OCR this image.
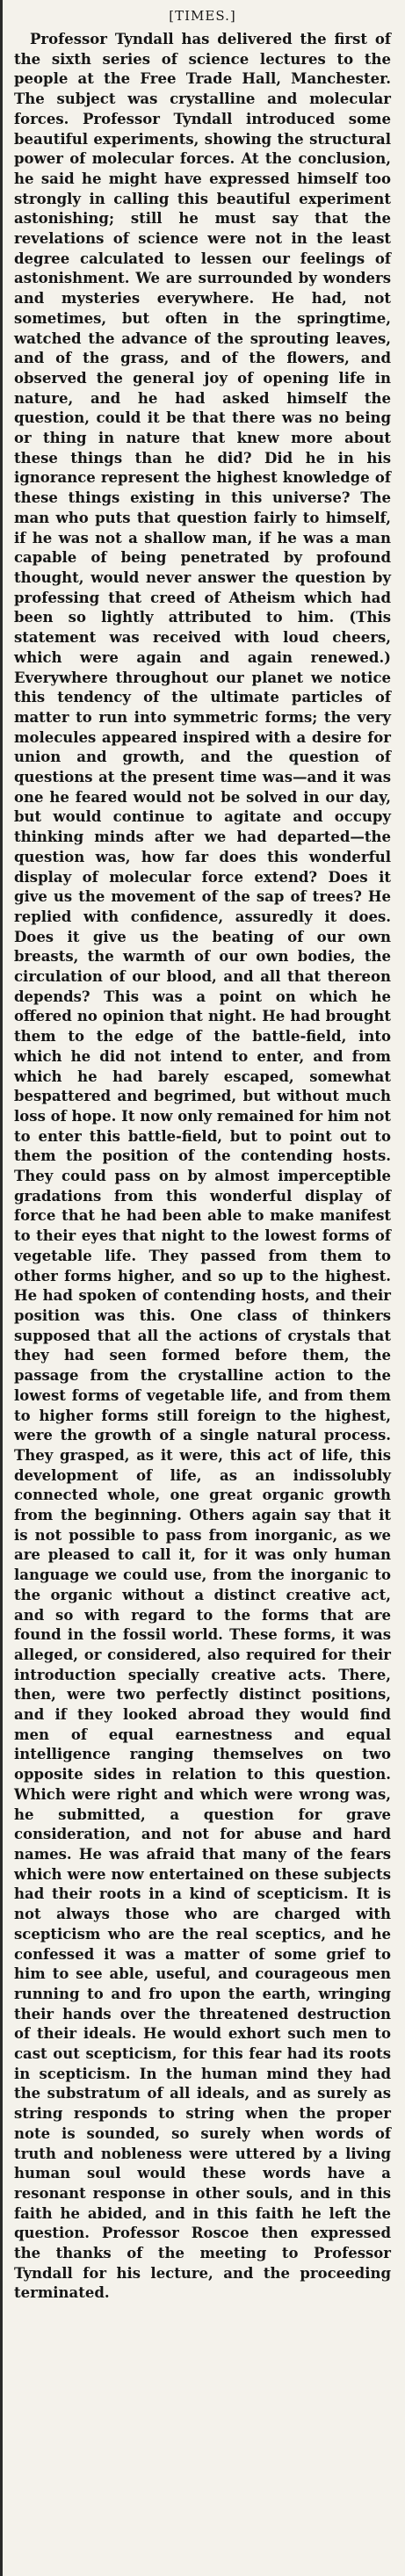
[TIMES.]

Professor Tyndall has delivered the first of the sixth series of science lectures to the people at the Free Trade Hall, Manchester. The subject was crystalline and molecular forces. Professor Tyndall introduced some beautiful experiments, showing the structural power of molecular forces. At the conclusion, he said he might have expressed himself too strongly in calling this beautiful experiment astonishing; still he must say that the revelations of science were not in the least degree calculated to lessen our feelings of astonishment. We are surrounded by wonders and mysteries everywhere. He had, not sometimes, but often in the springtime, watched the advance of the sprouting leaves, and of the grass, and of the flowers, and observed the general joy of opening life in nature, and he had asked himself the question, could it be that there was no being or thing in nature that knew more about these things than he did? Did he in his ignorance represent the highest knowledge of these things existing in this universe? The man who puts that question fairly to himself, if he was not a shallow man, if he was a man capable of being penetrated by profound thought, would never answer the question by professing that creed of Atheism which had been so lightly attributed to him. (This statement was received with loud cheers, which were again and again renewed.) Everywhere throughout our planet we notice this tendency of the ultimate particles of matter to run into symmetric forms; the very molecules appeared inspired with a desire for union and growth, and the question of questions at the present time was—and it was one he feared would not be solved in our day, but would continue to agitate and occupy thinking minds after we had departed—the question was, how far does this wonderful display of molecular force extend? Does it give us the movement of the sap of trees? He replied with confidence, assuredly it does. Does it give us the beating of our own breasts, the warmth of our own bodies, the circulation of our blood, and all that thereon depends? This was a point on which he offered no opinion that night. He had brought them to the edge of the battle-field, into which he did not intend to enter, and from which he had barely escaped, somewhat bespattered and begrimed, but without much loss of hope. It now only remained for him not to enter this battle-field, but to point out to them the position of the contending hosts. They could pass on by almost imperceptible gradations from this wonderful display of force that he had been able to make manifest to their eyes that night to the lowest forms of vegetable life. They passed from them to other forms higher, and so up to the highest. He had spoken of contending hosts, and their position was this. One class of thinkers supposed that all the actions of crystals that they had seen formed before them, the passage from the crystalline action to the lowest forms of vegetable life, and from them to higher forms still foreign to the highest, were the growth of a single natural process. They grasped, as it were, this act of life, this development of life, as an indissolubly connected whole, one great organic growth from the beginning. Others again say that it is not possible to pass from inorganic, as we are pleased to call it, for it was only human language we could use, from the inorganic to the organic without a distinct creative act, and so with regard to the forms that are found in the fossil world. These forms, it was alleged, or considered, also required for their introduction specially creative acts. There, then, were two perfectly distinct positions, and if they looked abroad they would find men of equal earnestness and equal intelligence ranging themselves on two opposite sides in relation to this question. Which were right and which were wrong was, he submitted, a question for grave consideration, and not for abuse and hard names. He was afraid that many of the fears which were now entertained on these subjects had their roots in a kind of scepticism. It is not always those who are charged with scepticism who are the real sceptics, and he confessed it was a matter of some grief to him to see able, useful, and courageous men running to and fro upon the earth, wringing their hands over the threatened destruction of their ideals. He would exhort such men to cast out scepticism, for this fear had its roots in scepticism. In the human mind they had the substratum of all ideals, and as surely as string responds to string when the proper note is sounded, so surely when words of truth and nobleness were uttered by a living human soul would these words have a resonant response in other souls, and in this faith he abided, and in this faith he left the question. Professor Roscoe then expressed the thanks of the meeting to Professor Tyndall for his lecture, and the proceeding terminated.
